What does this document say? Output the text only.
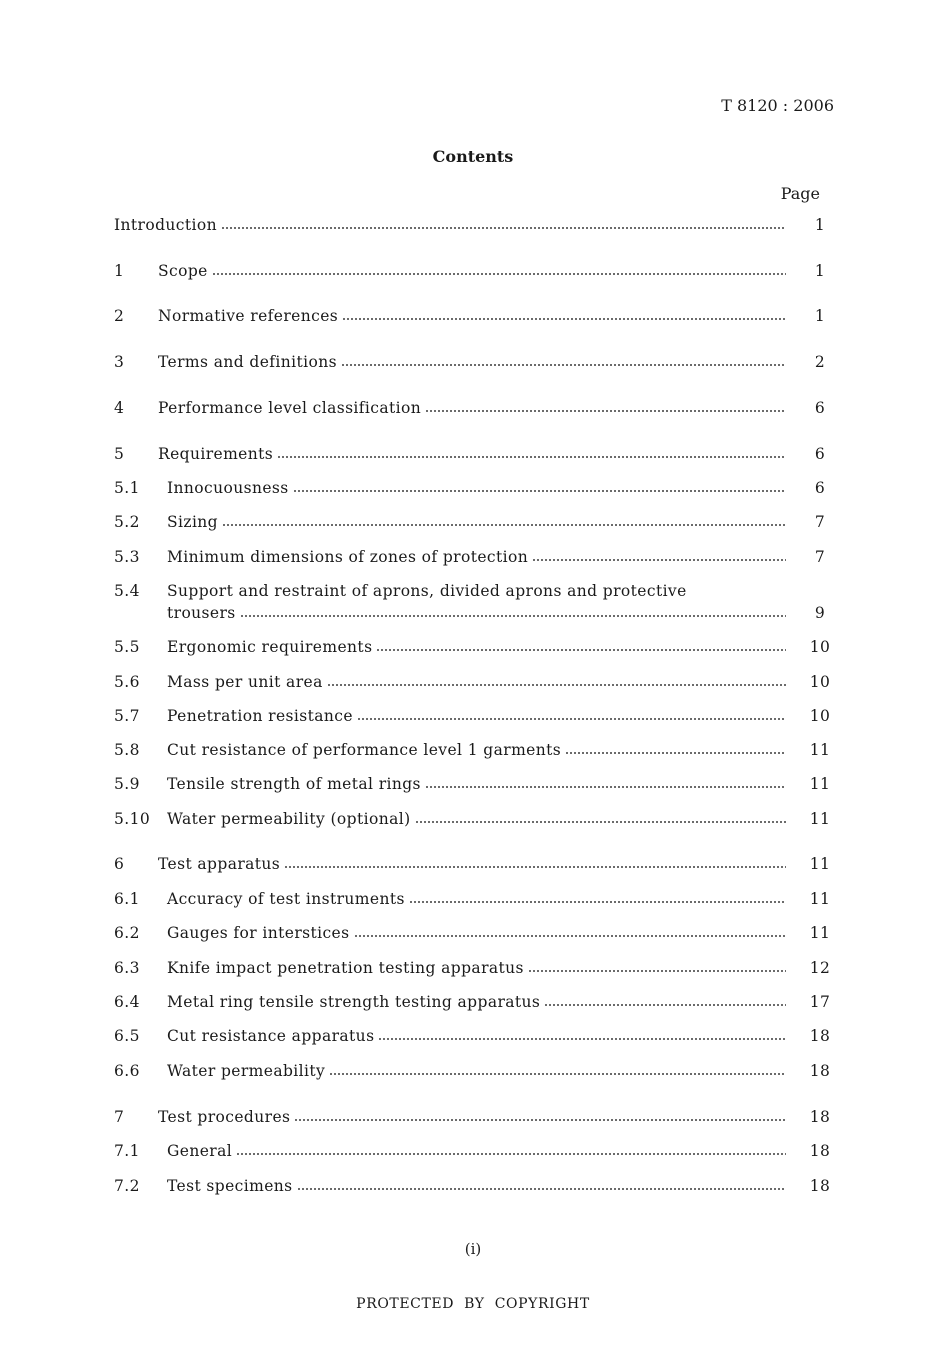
T 8120 : 2006
Contents
Page
Introduction	1
1	Scope	1
2	Normative references	1
3	Terms and definitions	2
4	Performance level classification	6
5	Requirements	6
5.1	Innocuousness	6
5.2	Sizing	7
5.3	Minimum dimensions of zones of protection	7
5.4	Support and restraint of aprons, divided aprons and protective
trousers	9
5.5	Ergonomic requirements	10
5.6	Mass per unit area	10
5.7	Penetration resistance	10
5.8	Cut resistance of performance level 1 garments	11
5.9	Tensile strength of metal rings	11
5.10	Water permeability (optional)	11
6	Test apparatus	11
6.1	Accuracy of test instruments	11
6.2	Gauges for interstices	11
6.3	Knife impact penetration testing apparatus	12
6.4	Metal ring tensile strength testing apparatus	17
6.5	Cut resistance apparatus	18
6.6	Water permeability	18
7	Test procedures	18
7.1	General	18
7.2	Test specimens	18
(i)
PROTECTED  BY  COPYRIGHT
